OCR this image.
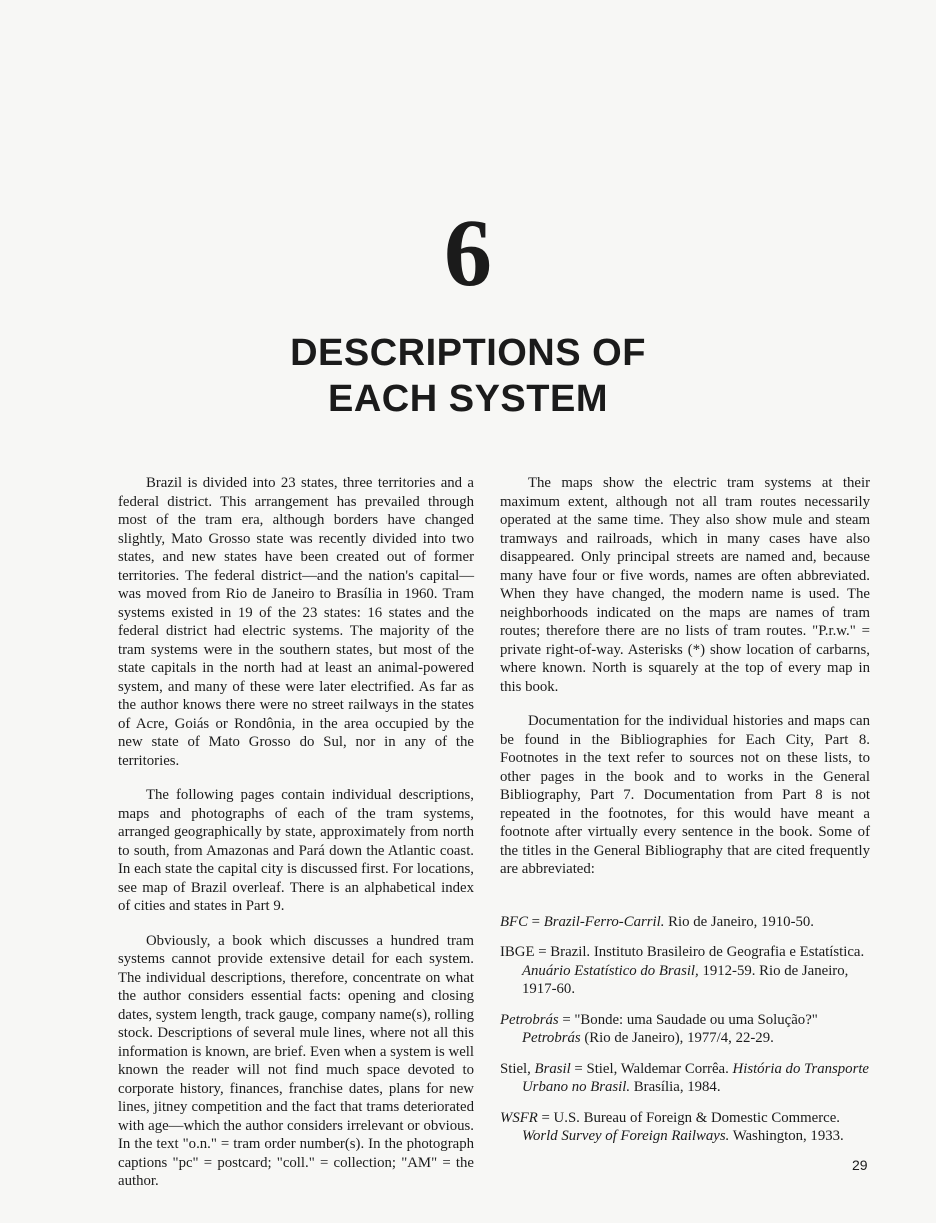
6
DESCRIPTIONS OF
EACH SYSTEM

Brazil is divided into 23 states, three territories and a federal district. This arrangement has prevailed through most of the tram era, although borders have changed slightly, Mato Grosso state was recently divided into two states, and new states have been created out of former territories. The federal district—and the nation's capital—was moved from Rio de Janeiro to Brasília in 1960. Tram systems existed in 19 of the 23 states: 16 states and the federal district had electric systems. The majority of the tram systems were in the southern states, but most of the state capitals in the north had at least an animal-powered system, and many of these were later electrified. As far as the author knows there were no street railways in the states of Acre, Goiás or Rondônia, in the area occupied by the new state of Mato Grosso do Sul, nor in any of the territories.

The following pages contain individual descriptions, maps and photographs of each of the tram systems, arranged geographically by state, approximately from north to south, from Amazonas and Pará down the Atlantic coast. In each state the capital city is discussed first. For locations, see map of Brazil overleaf. There is an alphabetical index of cities and states in Part 9.

Obviously, a book which discusses a hundred tram systems cannot provide extensive detail for each system. The individual descriptions, therefore, concentrate on what the author considers essential facts: opening and closing dates, system length, track gauge, company name(s), rolling stock. Descriptions of several mule lines, where not all this information is known, are brief. Even when a system is well known the reader will not find much space devoted to corporate history, finances, franchise dates, plans for new lines, jitney competition and the fact that trams deteriorated with age—which the author considers irrelevant or obvious. In the text "o.n." = tram order number(s). In the photograph captions "pc" = postcard; "coll." = collection; "AM" = the author.

The maps show the electric tram systems at their maximum extent, although not all tram routes necessarily operated at the same time. They also show mule and steam tramways and railroads, which in many cases have also disappeared. Only principal streets are named and, because many have four or five words, names are often abbreviated. When they have changed, the modern name is used. The neighborhoods indicated on the maps are names of tram routes; therefore there are no lists of tram routes. "P.r.w." = private right-of-way. Asterisks (*) show location of carbarns, where known. North is squarely at the top of every map in this book.

Documentation for the individual histories and maps can be found in the Bibliographies for Each City, Part 8. Footnotes in the text refer to sources not on these lists, to other pages in the book and to works in the General Bibliography, Part 7. Documentation from Part 8 is not repeated in the footnotes, for this would have meant a footnote after virtually every sentence in the book. Some of the titles in the General Bibliography that are cited frequently are abbreviated:

BFC = Brazil-Ferro-Carril. Rio de Janeiro, 1910-50.
IBGE = Brazil. Instituto Brasileiro de Geografia e Estatística. Anuário Estatístico do Brasil, 1912-59. Rio de Janeiro, 1917-60.
Petrobrás = "Bonde: uma Saudade ou uma Solução?" Petrobrás (Rio de Janeiro), 1977/4, 22-29.
Stiel, Brasil = Stiel, Waldemar Corrêa. História do Transporte Urbano no Brasil. Brasília, 1984.
WSFR = U.S. Bureau of Foreign & Domestic Commerce. World Survey of Foreign Railways. Washington, 1933.
29
